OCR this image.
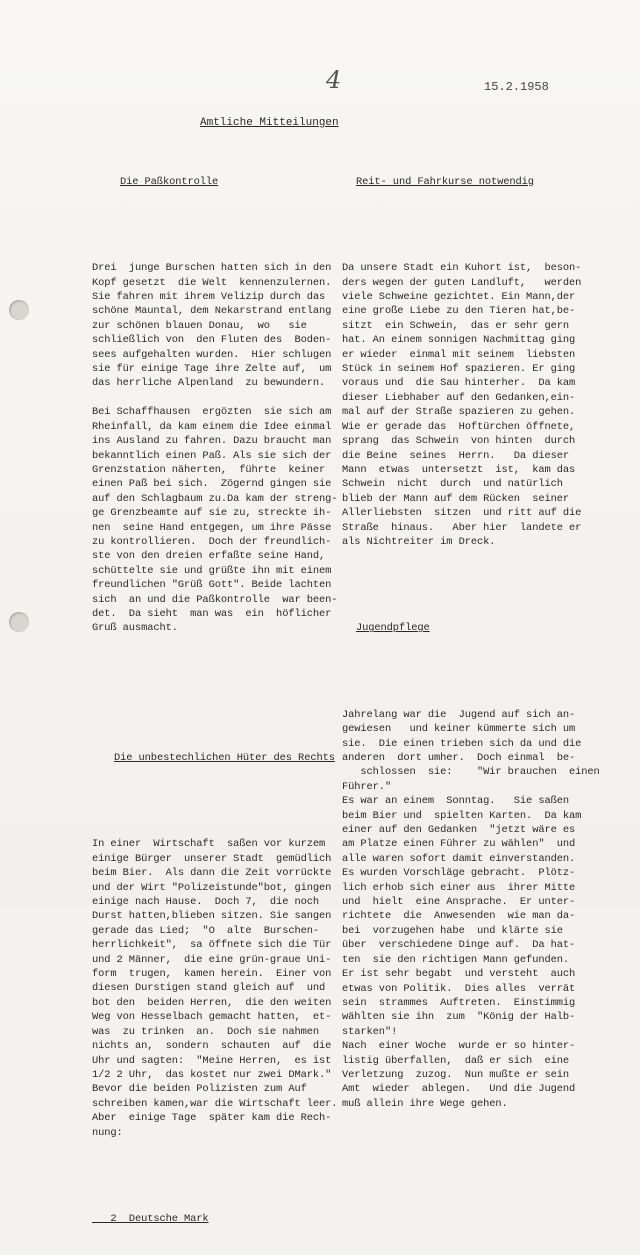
4	15.2.1958
Amtliche Mitteilungen

Die Paßkontrolle

Drei  junge Burschen hatten sich in den
Kopf gesetzt  die Welt  kennenzulernen.
Sie fahren mit ihrem Velizip durch das
schöne Mauntal, dem Nekarstrand entlang
zur schönen blauen Donau,  wo   sie
schließlich von  den Fluten des  Boden-
sees aufgehalten wurden.  Hier schlugen
sie für einige Tage ihre Zelte auf,  um
das herrliche Alpenland  zu bewundern.
Bei Schaffhausen  ergözten  sie sich am
Rheinfall, da kam einem die Idee einmal
ins Ausland zu fahren. Dazu braucht man
bekanntlich einen Paß. Als sie sich der
Grenzstation näherten,  führte  keiner
einen Paß bei sich.  Zögernd gingen sie
auf den Schlagbaum zu.Da kam der streng-
ge Grenzbeamte auf sie zu, streckte ih-
nen  seine Hand entgegen, um ihre Pässe
zu kontrollieren.  Doch der freundlich-
ste von den dreien erfaßte seine Hand,
schüttelte sie und grüßte ihn mit einem
freundlichen "Grüß Gott". Beide lachten
sich  an und die Paßkontrolle  war been-
det.  Da sieht  man was  ein  höflicher
Gruß ausmacht.

Die unbestechlichen Hüter des Rechts

In einer  Wirtschaft  saßen vor kurzem
einige Bürger  unserer Stadt  gemüdlich
beim Bier.  Als dann die Zeit vorrückte
und der Wirt "Polizeistunde"bot, gingen
einige nach Hause.  Doch 7,  die noch
Durst hatten,blieben sitzen. Sie sangen
gerade das Lied;  "O  alte  Burschen-
herrlichkeit",  sa öffnete sich die Tür
und 2 Männer,  die eine grün-graue Uni-
form  trugen,  kamen herein.  Einer von
diesen Durstigen stand gleich auf  und
bot den  beiden Herren,  die den weiten
Weg von Hesselbach gemacht hatten,  et-
was  zu trinken  an.  Doch sie nahmen
nichts an,  sondern  schauten  auf  die
Uhr und sagten:  "Meine Herren,  es ist
1/2 2 Uhr,  das kostet nur zwei DMark."
Bevor die beiden Polizisten zum Auf
schreiben kamen,war die Wirtschaft leer.
Aber  einige Tage  später kam die Rech-
nung:

2  Deutsche Mark

Reit- und Fahrkurse notwendig

Da unsere Stadt ein Kuhort ist,  beson-
ders wegen der guten Landluft,   werden
viele Schweine gezichtet. Ein Mann,der
eine große Liebe zu den Tieren hat,be-
sitzt  ein Schwein,  das er sehr gern
hat. An einem sonnigen Nachmittag ging
er wieder  einmal mit seinem  liebsten
Stück in seinem Hof spazieren. Er ging
voraus und  die Sau hinterher.  Da kam
dieser Liebhaber auf den Gedanken,ein-
mal auf der Straße spazieren zu gehen.
Wie er gerade das  Hoftürchen öffnete,
sprang  das Schwein  von hinten  durch
die Beine  seines  Herrn.   Da dieser
Mann  etwas  untersetzt  ist,  kam das
Schwein  nicht  durch  und natürlich
blieb der Mann auf dem Rücken  seiner
Allerliebsten  sitzen  und ritt auf die
Straße  hinaus.   Aber hier  landete er
als Nichtreiter im Dreck.

Jugendpflege

Jahrelang war die  Jugend auf sich an-
gewiesen   und keiner kümmerte sich um
sie.  Die einen trieben sich da und die
anderen  dort umher.  Doch einmal  be-
schlossen  sie:    "Wir brauchen  einen
Führer."
Es war an einem  Sonntag.   Sie saßen
beim Bier und  spielten Karten.  Da kam
einer auf den Gedanken  "jetzt wäre es
am Platze einen Führer zu wählen"  und
alle waren sofort damit einverstanden.
Es wurden Vorschläge gebracht.  Plötz-
lich erhob sich einer aus  ihrer Mitte
und  hielt  eine Ansprache.  Er unter-
richtete  die  Anwesenden  wie man da-
bei  vorzugehen habe  und klärte sie
über  verschiedene Dinge auf.  Da hat-
ten  sie den richtigen Mann gefunden.
Er ist sehr begabt  und versteht  auch
etwas von Politik.  Dies alles  verrät
sein  strammes  Auftreten.  Einstimmig
wählten sie ihn  zum  "König der Halb-
starken"!
Nach  einer Woche  wurde er so hinter-
listig überfallen,  daß er sich  eine
Verletzung  zuzog.  Nun mußte er sein
Amt  wieder  ablegen.   Und die Jugend
muß allein ihre Wege gehen.
